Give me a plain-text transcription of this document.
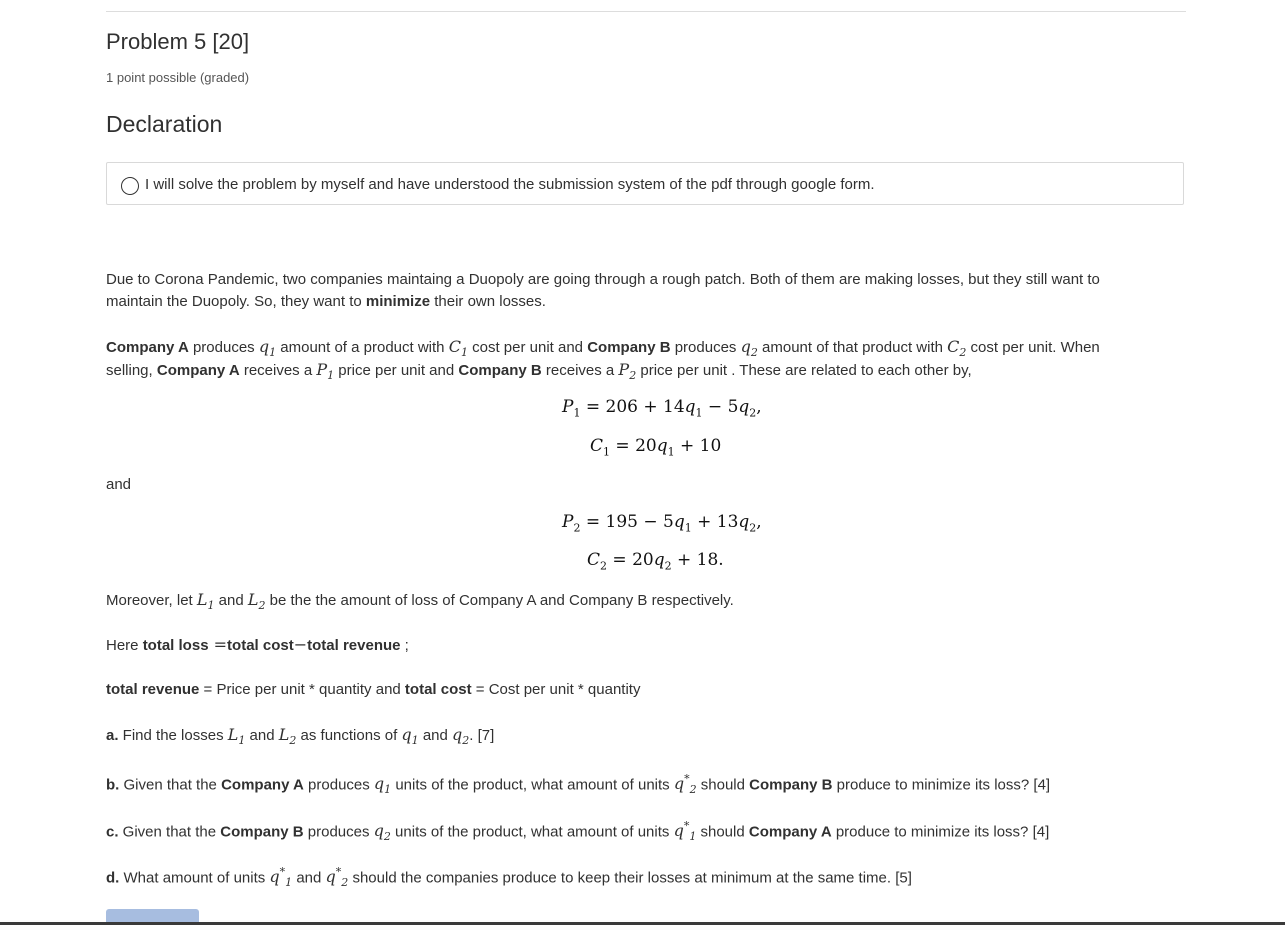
Problem 5 [20]
1 point possible (graded)
Declaration
I will solve the problem by myself and have understood the submission system of the pdf through google form.
Due to Corona Pandemic, two companies maintaing a Duopoly are going through a rough patch. Both of them are making losses, but they still want to
maintain the Duopoly. So, they want to minimize their own losses.
Company A produces $q_1$ amount of a product with $C_1$ cost per unit and Company B produces $q_2$ amount of that product with $C_2$ cost per unit. When
selling, Company A receives a $P_1$ price per unit and Company B receives a $P_2$ price per unit . These are related to each other by,
$P_1 = 206 + 14q_1 - 5q_2$,
$C_1 = 20q_1 + 10$
and
$P_2 = 195 - 5q_1 + 13q_2$,
$C_2 = 20q_2 + 18$.
Moreover, let $L_1$ and $L_2$ be the the amount of loss of Company A and Company B respectively.
Here total loss =total cost−total revenue ;
total revenue = Price per unit * quantity and total cost = Cost per unit * quantity
a. Find the losses $L_1$ and $L_2$ as functions of $q_1$ and $q_2$. [7]
b. Given that the Company A produces $q_1$ units of the product, what amount of units $q^*_2$ should Company B produce to minimize its loss? [4]
c. Given that the Company B produces $q_2$ units of the product, what amount of units $q^*_1$ should Company A produce to minimize its loss? [4]
d. What amount of units $q^*_1$ and $q^*_2$ should the companies produce to keep their losses at minimum at the same time. [5]
